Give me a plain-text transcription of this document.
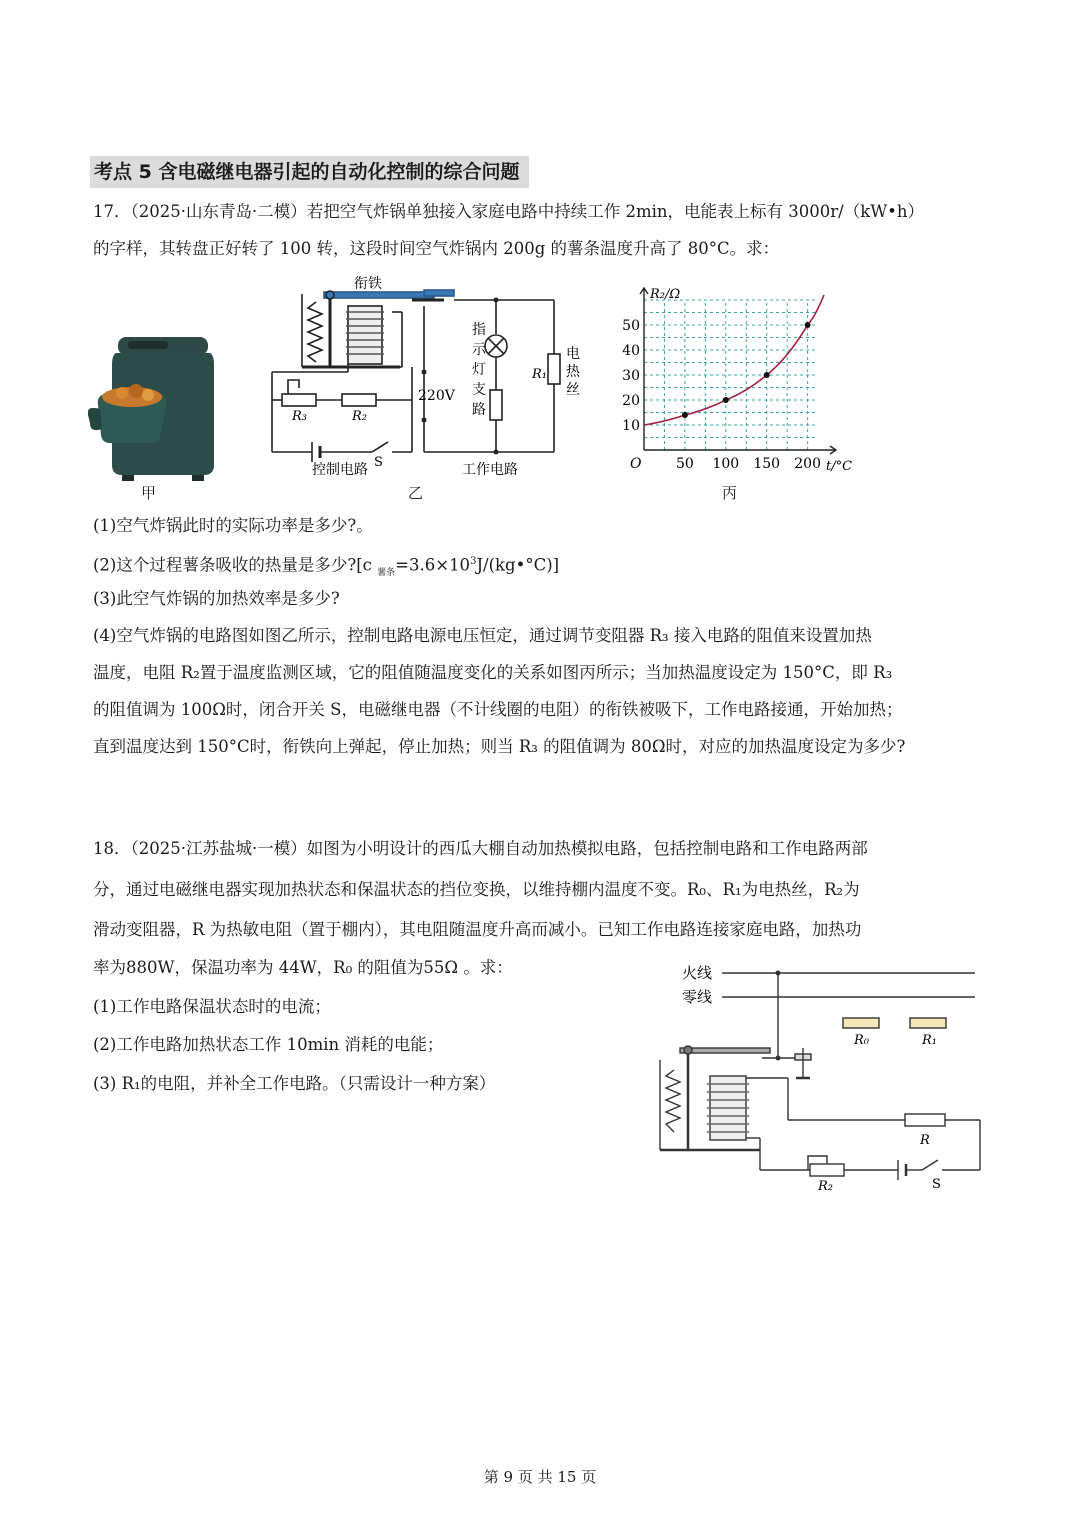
考点 5 含电磁继电器引起的自动化控制的综合问题
17．（2025·山东青岛·二模）若把空气炸锅单独接入家庭电路中持续工作 2min，电能表上标有 3000r/（kW•h）
的字样，其转盘正好转了 100 转，这段时间空气炸锅内 200g 的薯条温度升高了 80°C。求：
甲
衔铁
220V
R₃	R₂
R₁
S
控制电路	工作电路
指
示
灯
支
路
电
热
丝
乙
50 100 150 200
10
20
30
40
50
O	t/°C
R₂/Ω
丙
(1)空气炸锅此时的实际功率是多少?。
(2)这个过程薯条吸收的热量是多少?[c $_{薯条}=3.6\times 10^3J/(kg•^\circ C)$]
(3)此空气炸锅的加热效率是多少?
(4)空气炸锅的电路图如图乙所示，控制电路电源电压恒定，通过调节变阻器 R₃ 接入电路的阻值来设置加热
温度，电阻 R₂置于温度监测区域，它的阻值随温度变化的关系如图丙所示；当加热温度设定为 150°C，即 R₃
的阻值调为 100Ω时，闭合开关 S，电磁继电器（不计线圈的电阻）的衔铁被吸下，工作电路接通，开始加热；
直到温度达到 150°C时，衔铁向上弹起，停止加热；则当 R₃ 的阻值调为 80Ω时，对应的加热温度设定为多少?
18．（2025·江苏盐城·一模）如图为小明设计的西瓜大棚自动加热模拟电路，包括控制电路和工作电路两部
分，通过电磁继电器实现加热状态和保温状态的挡位变换，以维持棚内温度不变。R₀、R₁为电热丝，R₂为
滑动变阻器，R 为热敏电阻（置于棚内），其电阻随温度升高而减小。已知工作电路连接家庭电路，加热功
率为880W，保温功率为 44W，R₀ 的阻值为55Ω 。求：
(1)工作电路保温状态时的电流；
(2)工作电路加热状态工作 10min 消耗的电能；
(3) R₁的电阻，并补全工作电路。（只需设计一种方案）
火线
零线
R₀	R₁
R
R₂	S
第 9 页 共 15 页
